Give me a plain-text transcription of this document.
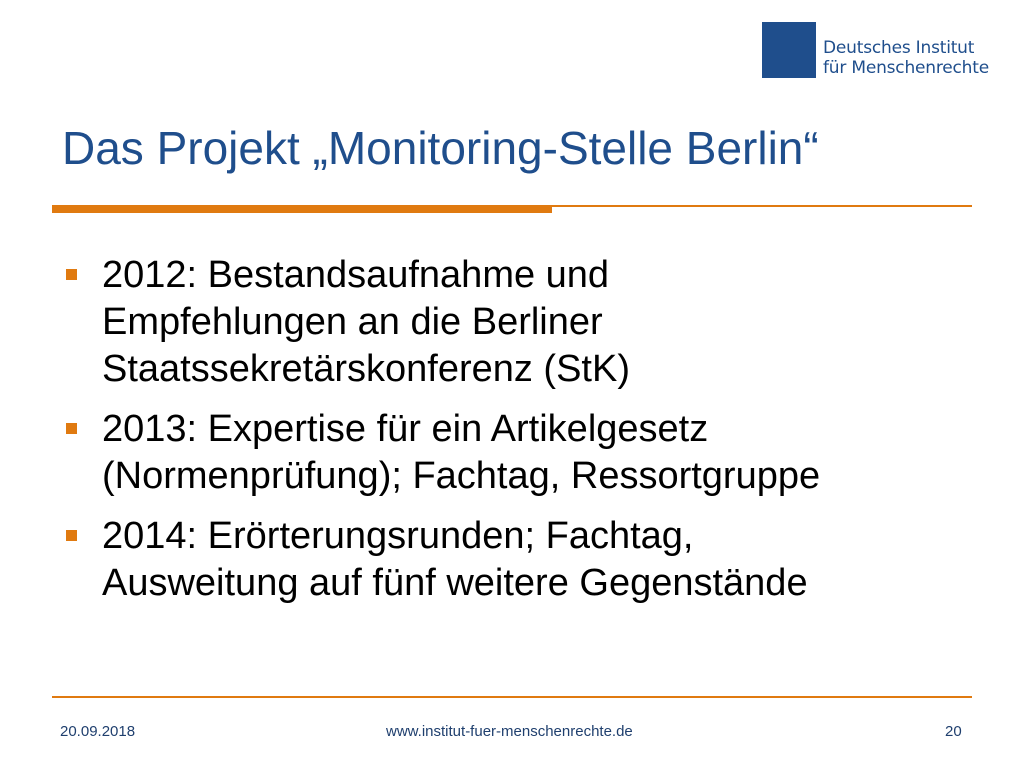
Deutsches Institut
für Menschenrechte
Das Projekt „Monitoring-Stelle Berlin“
2012: Bestandsaufnahme und
Empfehlungen an die Berliner
Staatssekretärskonferenz (StK)
2013: Expertise für ein Artikelgesetz
(Normenprüfung); Fachtag, Ressortgruppe
2014: Erörterungsrunden; Fachtag,
Ausweitung auf fünf weitere Gegenstände
20.09.2018	www.institut-fuer-menschenrechte.de	20
